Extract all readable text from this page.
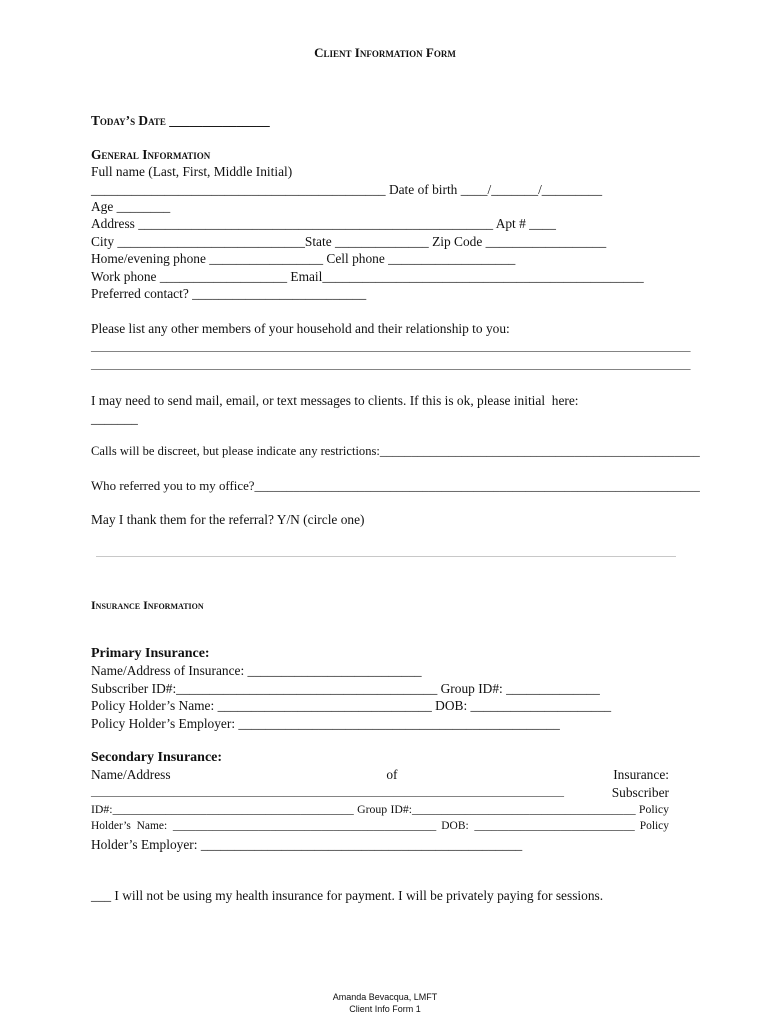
Client Information Form
Today’s Date _______________
General Information
Full name (Last, First, Middle Initial)
____________________________________________ Date of birth ____/_______/_________
Age ________
Address _____________________________________________________ Apt # ____
City ____________________________State ______________ Zip Code __________________
Home/evening phone _________________ Cell phone ___________________
Work phone ___________________ Email________________________________________________
Preferred contact? __________________________
Please list any other members of your household and their relationship to you:
_____________________________________________________________________________________________________________
_____________________________________________________________________________________________________________
I may need to send mail, email, or text messages to clients. If this is ok, please initial  here:
_______
Calls will be discreet, but please indicate any restrictions:___________________________________________________
Who referred you to my office?_____________________________________________________________________
May I thank them for the referral? Y/N (circle one)
Insurance Information
Primary Insurance:
Name/Address of Insurance: __________________________
Subscriber ID#:_______________________________________ Group ID#: ______________
Policy Holder’s Name: ________________________________ DOB: _____________________
Policy Holder’s Employer: ________________________________________________
Secondary Insurance:
Name/Address	of	Insurance:
______________________________________________________________________________________	Subscriber
ID#:_________________________________________ Group ID#:______________________________________ Policy
Holder’s  Name:  ______________________________________________ DOB:  ____________________________ Policy
Holder’s Employer: ________________________________________________
___ I will not be using my health insurance for payment. I will be privately paying for sessions.
Amanda Bevacqua, LMFT
Client Info Form 1
